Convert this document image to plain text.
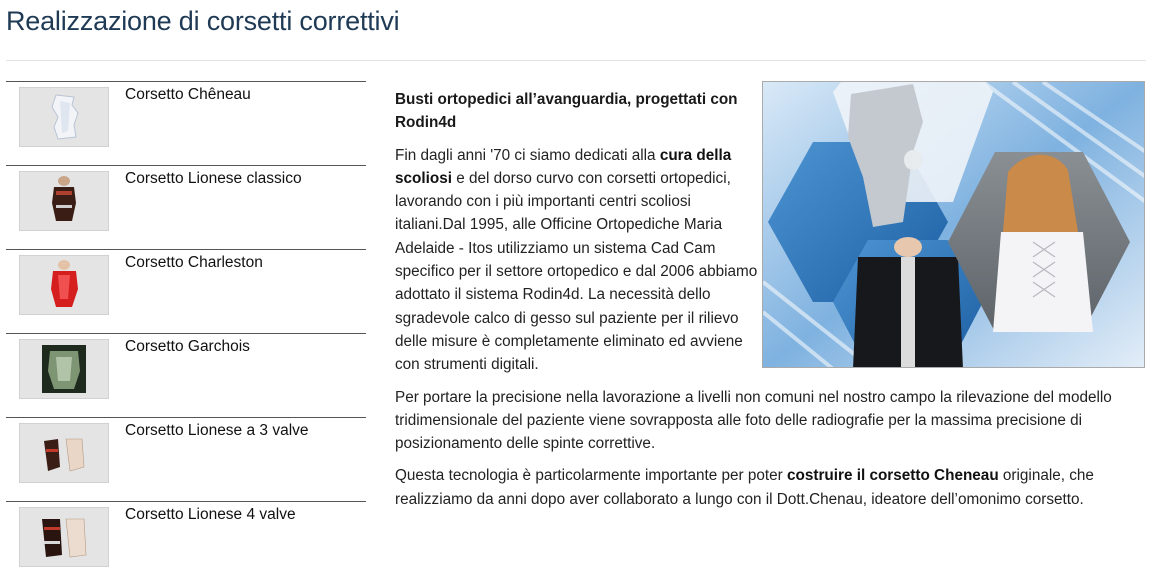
Realizzazione di corsetti correttivi
Corsetto Chêneau
Corsetto Lionese classico
Corsetto Charleston
Corsetto Garchois
Corsetto Lionese a 3 valve
Corsetto Lionese 4 valve
Busti ortopedici all’avanguardia, progettati con Rodin4d

Fin dagli anni '70 ci siamo dedicati alla cura della scoliosi e del dorso curvo con corsetti ortopedici, lavorando con i più importanti centri scoliosi italiani.Dal 1995, alle Officine Ortopediche Maria Adelaide - Itos utilizziamo un sistema Cad Cam specifico per il settore ortopedico e dal 2006 abbiamo adottato il sistema Rodin4d. La necessità dello sgradevole calco di gesso sul paziente per il rilievo delle misure è completamente eliminato ed avviene con strumenti digitali.

Per portare la precisione nella lavorazione a livelli non comuni nel nostro campo la rilevazione del modello tridimensionale del paziente viene sovrapposta alle foto delle radiografie per la massima precisione di posizionamento delle spinte correttive.

Questa tecnologia è particolarmente importante per poter costruire il corsetto Cheneau originale, che realizziamo da anni dopo aver collaborato a lungo con il Dott.Chenau, ideatore dell’omonimo corsetto.
